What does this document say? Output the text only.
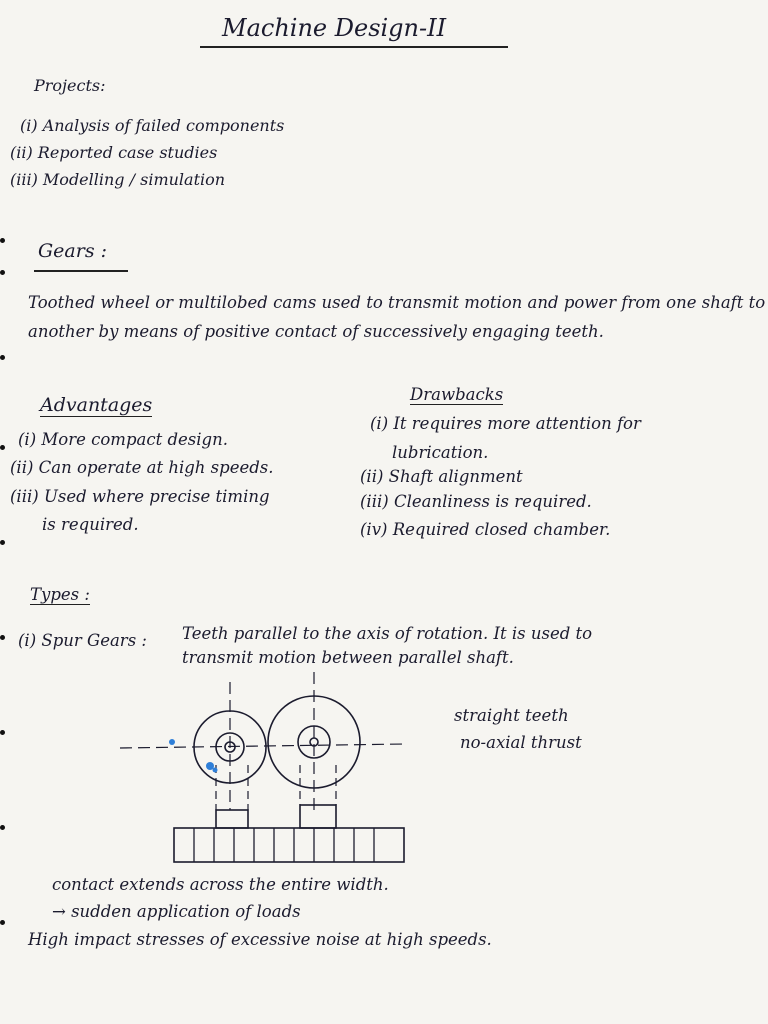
Machine Design-II
Projects:
(i) Analysis of failed components
(ii) Reported case studies
(iii) Modelling / simulation
Gears :
Toothed wheel or multilobed cams used to transmit motion and power from one shaft to another by means of positive contact of successively engaging teeth.
Advantages
(i) More compact design.
(ii) Can operate at high speeds.
(iii) Used where precise timing
is required.
Drawbacks
(i) It requires more attention for
lubrication.
(ii) Shaft alignment
(iii) Cleanliness is required.
(iv) Required closed chamber.
Types :
(i) Spur Gears : Teeth parallel to the axis of rotation. It is used to
transmit motion between parallel shaft.
straight teeth
no-axial thrust
contact extends across the entire width.
→ sudden application of loads
High impact stresses of excessive noise at high speeds.
